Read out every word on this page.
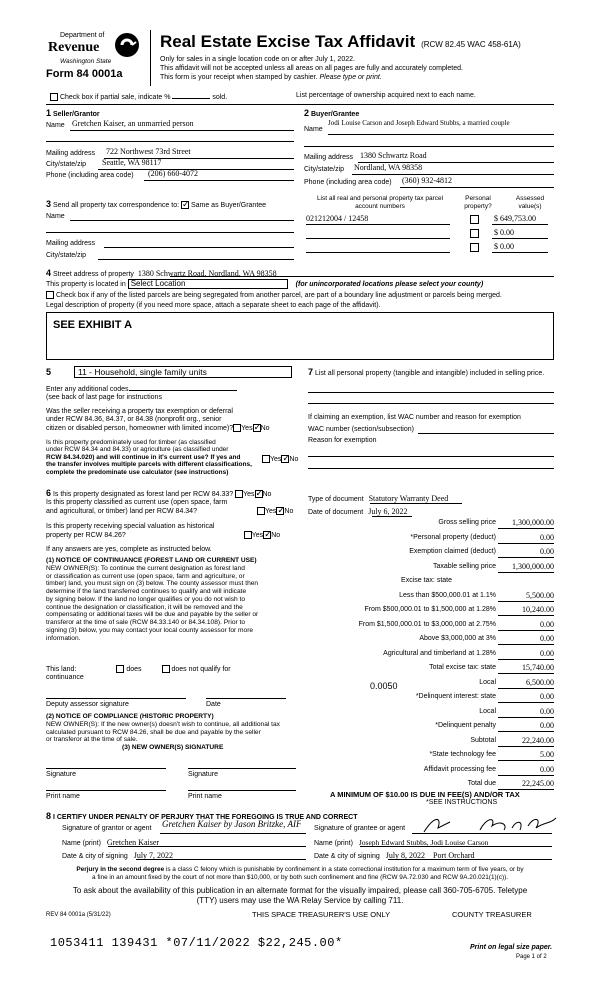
Department of
Revenue
Washington State
Form 84 0001a
Real Estate Excise Tax Affidavit (RCW 82.45 WAC 458-61A)
Only for sales in a single location code on or after July 1, 2022.
This affidavit will not be accepted unless all areas on all pages are fully and accurately completed.
This form is your receipt when stamped by cashier. Please type or print.
Check box if partial sale, indicate %	sold.	List percentage of ownership acquired next to each name.
1 Seller/Grantor
Name Gretchen Kaiser, an unmarried person
Mailing address 722 Northwest 73rd Street
City/state/zip Seattle, WA 98117
Phone (including area code) (206) 660-4072
2 Buyer/Grantee
Name
Jodi Louise Carson and Joseph Edward Stubbs, a married couple
Mailing address 1380 Schwartz Road
City/state/zip Nordland, WA 98358
Phone (including area code) (360) 932-4812
3 Send all property tax correspondence to: ✓ Same as Buyer/Grantee
Name
Mailing address
City/state/zip
List all real and personal property tax parcel account numbers
Personal property?
Assessed value(s)
021212004 / 12458	$ 649,753.00
$ 0.00
$ 0.00
4 Street address of property 1380 Schwartz Road, Nordland, WA 98358
This property is located in Select Location	(for unincorporated locations please select your county)
Check box if any of the listed parcels are being segregated from another parcel, are part of a boundary line adjustment or parcels being merged.
Legal description of property (if you need more space, attach a separate sheet to each page of the affidavit).
SEE EXHIBIT A
5	11 - Household, single family units
Enter any additional codes
(see back of last page for instructions
Was the seller receiving a property tax exemption or deferral
under RCW 84.36, 84.37, or 84.38 (nonprofit org., senior
citizen or disabled person, homeowner with limited income)? Yes ✓ No
Is this property predominately used for timber (as classified
under RCW 84.34 and 84.33) or agriculture (as classified under
RCW 84.34.020) and will continue in it's current use? If yes and
the transfer involves multiple parcels with different classifications,
complete the predominate use calculator (see instructions)
Yes ✓ No
7 List all personal property (tangible and intangible) included in selling price.
If claiming an exemption, list WAC number and reason for exemption
WAC number (section/subsection)
Reason for exemption
6 Is this property designated as forest land per RCW 84.33? Yes ✓ No
Is this property classified as current use (open space, farm
and agricultural, or timber) land per RCW 84.34?	Yes ✓ No
Is this property receiving special valuation as historical
property per RCW 84.26?	Yes ✓ No
If any answers are yes, complete as instructed below.
(1) NOTICE OF CONTINUANCE (FOREST LAND OR CURRENT USE)
NEW OWNER(S): To continue the current designation as forest land
or classification as current use (open space, farm and agriculture, or
timber) land, you must sign on (3) below. The county assessor must then
determine if the land transferred continues to qualify and will indicate
by signing below. If the land no longer qualifies or you do not wish to
continue the designation or classification, it will be removed and the
compensating or additional taxes will be due and payable by the seller or
transferor at the time of sale (RCW 84.33.140 or 84.34.108). Prior to
signing (3) below, you may contact your local county assessor for more
information.
This land:	does	does not qualify for
continuance
Deputy assessor signature	Date
(2) NOTICE OF COMPLIANCE (HISTORIC PROPERTY)
NEW OWNER(S): If the new owner(s) doesn't wish to continue, all additional tax
calculated pursuant to RCW 84.26, shall be due and payable by the seller
or transferor at the time of sale.
(3) NEW OWNER(S) SIGNATURE
Signature	Signature
Print name	Print name
Type of document Statutory Warranty Deed
Date of document July 6, 2022
Gross selling price	1,300,000.00
*Personal property (deduct)	0.00
Exemption claimed (deduct)	0.00
Taxable selling price	1,300,000.00
Excise tax: state
Less than $500,000.01 at 1.1%	5,500.00
From $500,000.01 to $1,500,000 at 1.28%	10,240.00
From $1,500,000.01 to $3,000,000 at 2.75%	0.00
Above $3,000,000 at 3%	0.00
Agricultural and timberland at 1.28%	0.00
Total excise tax: state	15,740.00
Local	6,500.00
*Delinquent interest: state	0.00
Local	0.00
*Delinquent penalty	0.00
Subtotal	22,240.00
*State technology fee	5.00
Affidavit processing fee	0.00
Total due	22,245.00
0.0050
A MINIMUM OF $10.00 IS DUE IN FEE(S) AND/OR TAX
*SEE INSTRUCTIONS
8 I CERTIFY UNDER PENALTY OF PERJURY THAT THE FOREGOING IS TRUE AND CORRECT
Signature of grantor or agent Gretchen Kaiser by Jason Britzke, AIF Signature of grantee or agent
Name (print) Gretchen Kaiser	Name (print) Joseph Edward Stubbs, Jodi Louise Carson
Date & city of signing July 7, 2022	Date & city of signing July 8, 2022 Port Orchard
Perjury in the second degree is a class C felony which is punishable by confinement in a state correctional institution for a maximum term of five years, or by
a fine in an amount fixed by the court of not more than $10,000, or by both such confinement and fine (RCW 9A.72.030 and RCW 9A.20.021(1)(c)).
To ask about the availability of this publication in an alternate format for the visually impaired, please call 360-705-6705. Teletype
(TTY) users may use the WA Relay Service by calling 711.
REV 84 0001a (5/31/22)	THIS SPACE TREASURER'S USE ONLY	COUNTY TREASURER
1053411 139431 *07/11/2022 $22,245.00*	Print on legal size paper.
Page 1 of 2
